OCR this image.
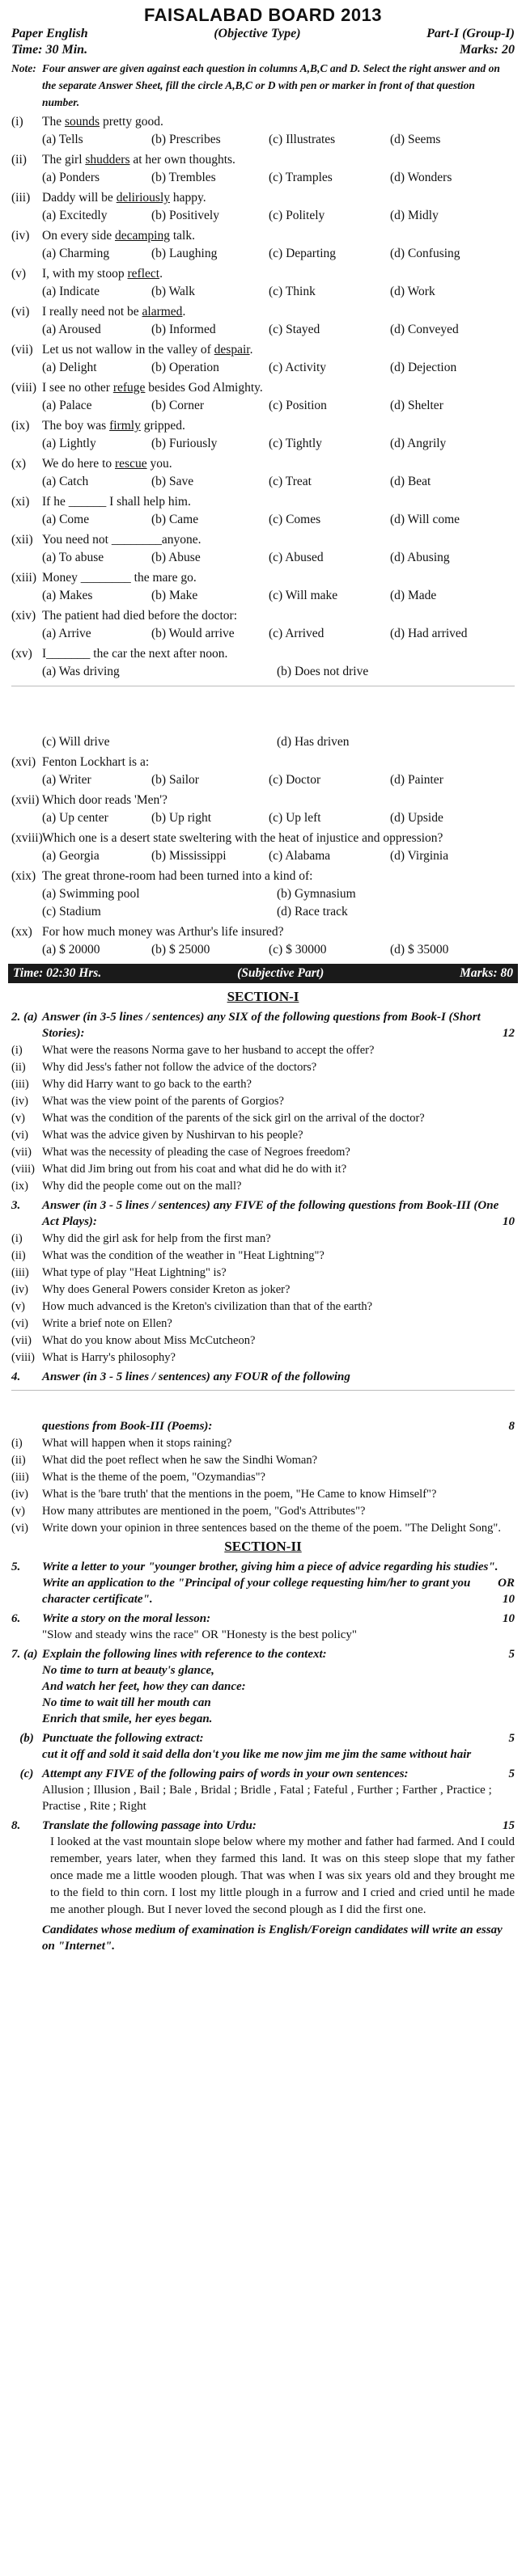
FAISALABAD BOARD 2013
Paper English	(Objective Type)	Part-I (Group-I)
Time: 30 Min.	Marks: 20
Note: Four answer are given against each question in columns A,B,C and D. Select the right answer and on the separate Answer Sheet, fill the circle A,B,C or D with pen or marker in front of that question number.
(i)	The sounds pretty good.
(a) Tells	(b) Prescribes	(c) Illustrates	(d) Seems
(ii)	The girl shudders at her own thoughts.
(a) Ponders	(b) Trembles	(c) Tramples	(d) Wonders
(iii) Daddy will be deliriously happy.
(a) Excitedly	(b) Positively	(c) Politely	(d) Midly
(iv)	On every side decamping talk.
(a) Charming	(b) Laughing	(c) Departing	(d) Confusing
(v)	I, with my stoop reflect.
(a) Indicate	(b) Walk	(c) Think	(d) Work
(vi)	I really need not be alarmed.
(a) Aroused	(b) Informed	(c) Stayed	(d) Conveyed
(vii) Let us not wallow in the valley of despair.
(a) Delight	(b) Operation	(c) Activity	(d) Dejection
(viii) I see no other refuge besides God Almighty.
(a) Palace	(b) Corner	(c) Position	(d) Shelter
(ix)	The boy was firmly gripped.
(a) Lightly	(b) Furiously	(c) Tightly	(d) Angrily
(x)	We do here to rescue you.
(a) Catch	(b) Save	(c) Treat	(d) Beat
(xi)	If he ______ I shall help him.
(a) Come	(b) Came	(c) Comes	(d) Will come
(xii) You need not ________anyone.
(a) To abuse	(b) Abuse	(c) Abused	(d) Abusing
(xiii) Money ________ the mare go.
(a) Makes	(b) Make	(c) Will make	(d) Made
(xiv) The patient had died before the doctor:
(a) Arrive	(b) Would arrive	(c) Arrived	(d) Had arrived
(xv) I_______ the car the next after noon.
(a) Was driving	(b) Does not drive
(c) Will drive	(d) Has driven
(xvi) Fenton Lockhart is a:
(a) Writer	(b) Sailor	(c) Doctor	(d) Painter
(xvii) Which door reads 'Men'?
(a) Up center	(b) Up right	(c) Up left	(d) Upside
(xviii) Which one is a desert state sweltering with the heat of injustice and oppression?
(a) Georgia	(b) Mississippi	(c) Alabama	(d) Virginia
(xix) The great throne-room had been turned into a kind of:
(a) Swimming pool	(b) Gymnasium
(c) Stadium	(d) Race track
(xx) For how much money was Arthur's life insured?
(a) $ 20000	(b) $ 25000	(c) $ 30000	(d) $ 35000
Time: 02:30 Hrs.	(Subjective Part)	Marks: 80
SECTION-I
2. (a) Answer (in 3-5 lines / sentences) any SIX of the following questions from Book-I (Short Stories):	12
(i)	What were the reasons Norma gave to her husband to accept the offer?
(ii)	Why did Jess's father not follow the advice of the doctors?
(iii)	Why did Harry want to go back to the earth?
(iv)	What was the view point of the parents of Gorgios?
(v)	What was the condition of the parents of the sick girl on the arrival of the doctor?
(vi)	What was the advice given by Nushirvan to his people?
(vii) What was the necessity of pleading the case of Negroes freedom?
(viii) What did Jim bring out from his coat and what did he do with it?
(ix)	Why did the people come out on the mall?
3.	Answer (in 3 - 5 lines / sentences) any FIVE of the following questions from Book-III (One Act Plays):	10
(i)	Why did the girl ask for help from the first man?
(ii)	What was the condition of the weather in "Heat Lightning"?
(iii)	What type of play "Heat Lightning" is?
(iv)	Why does General Powers consider Kreton as joker?
(v)	How much advanced is the Kreton's civilization than that of the earth?
(vi)	Write a brief note on Ellen?
(vii) What do you know about Miss McCutcheon?
(viii) What is Harry's philosophy?
4.	Answer (in 3 - 5 lines / sentences) any FOUR of the following
questions from Book-III (Poems):	8
(i)	What will happen when it stops raining?
(ii)	What did the poet reflect when he saw the Sindhi Woman?
(iii)	What is the theme of the poem, "Ozymandias"?
(iv)	What is the 'bare truth' that the mentions in the poem, "He Came to know Himself"?
(v)	How many attributes are mentioned in the poem, "God's Attributes"?
(vi)	Write down your opinion in three sentences based on the theme of the poem. "The Delight Song".
SECTION-II
5.	Write a letter to your "younger brother, giving him a piece of advice regarding his studies".
OR

Write an application to the "Principal of your college requesting him/her to grant you character certificate".	10
6.	Write a story on the moral lesson:	10
"Slow and steady wins the race" OR "Honesty is the best policy"
7. (a) Explain the following lines with reference to the context:	5
No time to turn at beauty's glance,
And watch her feet, how they can dance:
No time to wait till her mouth can
Enrich that smile, her eyes began.
(b) Punctuate the following extract:	5
cut it off and sold it said della don't you like me now jim me jim the same without hair
(c) Attempt any FIVE of the following pairs of words in your own sentences:	5
Allusion ; Illusion , Bail ; Bale , Bridal ; Bridle , Fatal ; Fateful , Further ; Farther , Practice ; Practise , Rite ; Right
8.	Translate the following passage into Urdu:	15
I looked at the vast mountain slope below where my mother and father had farmed. And I could remember, years later, when they farmed this land. It was on this steep slope that my father once made me a little wooden plough. That was when I was six years old and they brought me to the field to thin corn. I lost my little plough in a furrow and I cried and cried until he made me another plough. But I never loved the second plough as I did the first one.
Candidates whose medium of examination is English/Foreign candidates will write an essay on "Internet".
